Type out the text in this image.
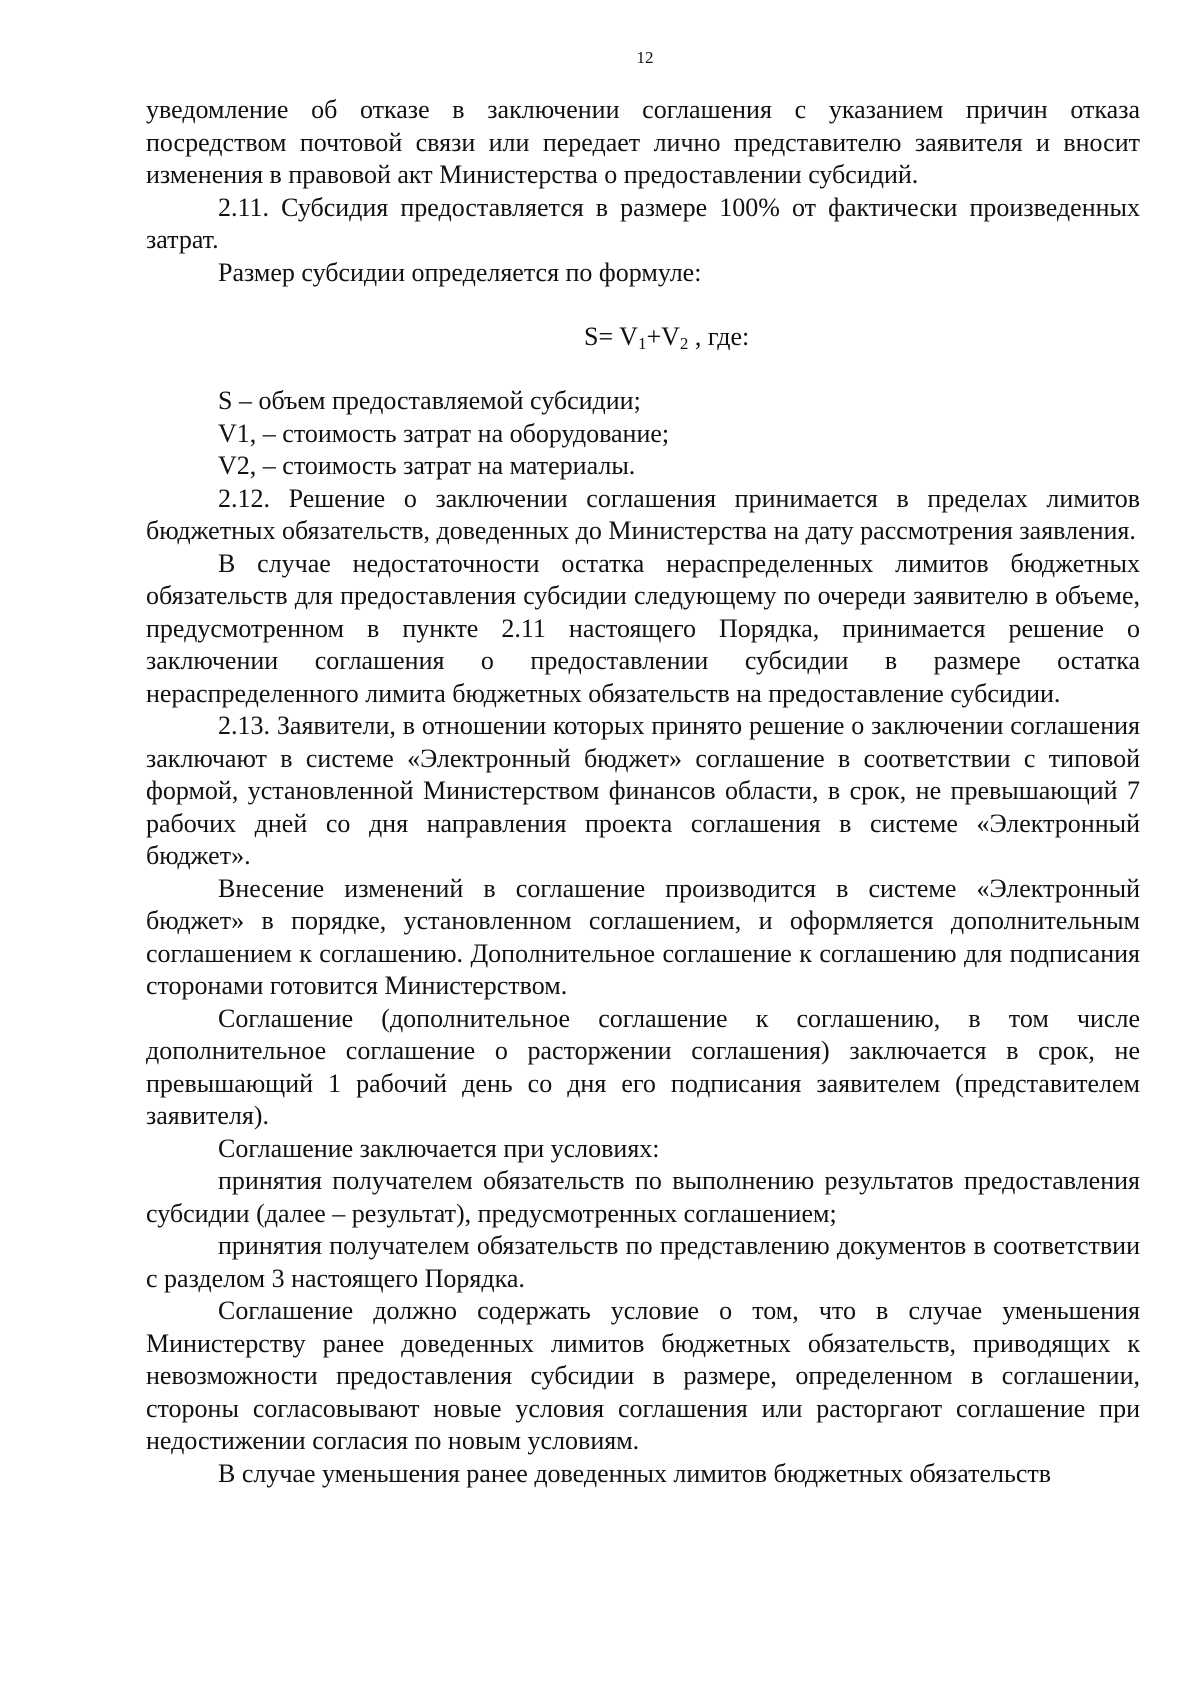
12

уведомление об отказе в заключении соглашения с указанием причин отказа посредством почтовой связи или передает лично представителю заявителя и вносит изменения в правовой акт Министерства о предоставлении субсидий.

2.11. Субсидия предоставляется в размере 100% от фактически произведенных затрат.

Размер субсидии определяется по формуле:

$S= V_1+V_2$ , где:

S – объем предоставляемой субсидии;

V1, – стоимость затрат на оборудование;

V2, – стоимость затрат на материалы.

2.12. Решение о заключении соглашения принимается в пределах лимитов бюджетных обязательств, доведенных до Министерства на дату рассмотрения заявления.

В случае недостаточности остатка нераспределенных лимитов бюджетных обязательств для предоставления субсидии следующему по очереди заявителю в объеме, предусмотренном в пункте 2.11 настоящего Порядка, принимается решение о заключении соглашения о предоставлении субсидии в размере остатка нераспределенного лимита бюджетных обязательств на предоставление субсидии.

2.13. Заявители, в отношении которых принято решение о заключении соглашения заключают в системе «Электронный бюджет» соглашение в соответствии с типовой формой, установленной Министерством финансов области, в срок, не превышающий 7 рабочих дней со дня направления проекта соглашения в системе «Электронный бюджет».

Внесение изменений в соглашение производится в системе «Электронный бюджет» в порядке, установленном соглашением, и оформляется дополнительным соглашением к соглашению. Дополнительное соглашение к соглашению для подписания сторонами готовится Министерством.

Соглашение (дополнительное соглашение к соглашению, в том числе дополнительное соглашение о расторжении соглашения) заключается в срок, не превышающий 1 рабочий день со дня его подписания заявителем (представителем заявителя).

Соглашение заключается при условиях:

принятия получателем обязательств по выполнению результатов предоставления субсидии (далее – результат), предусмотренных соглашением;

принятия получателем обязательств по представлению документов в соответствии с разделом 3 настоящего Порядка.

Соглашение должно содержать условие о том, что в случае уменьшения Министерству ранее доведенных лимитов бюджетных обязательств, приводящих к невозможности предоставления субсидии в размере, определенном в соглашении, стороны согласовывают новые условия соглашения или расторгают соглашение при недостижении согласия по новым условиям.

В случае уменьшения ранее доведенных лимитов бюджетных обязательств
